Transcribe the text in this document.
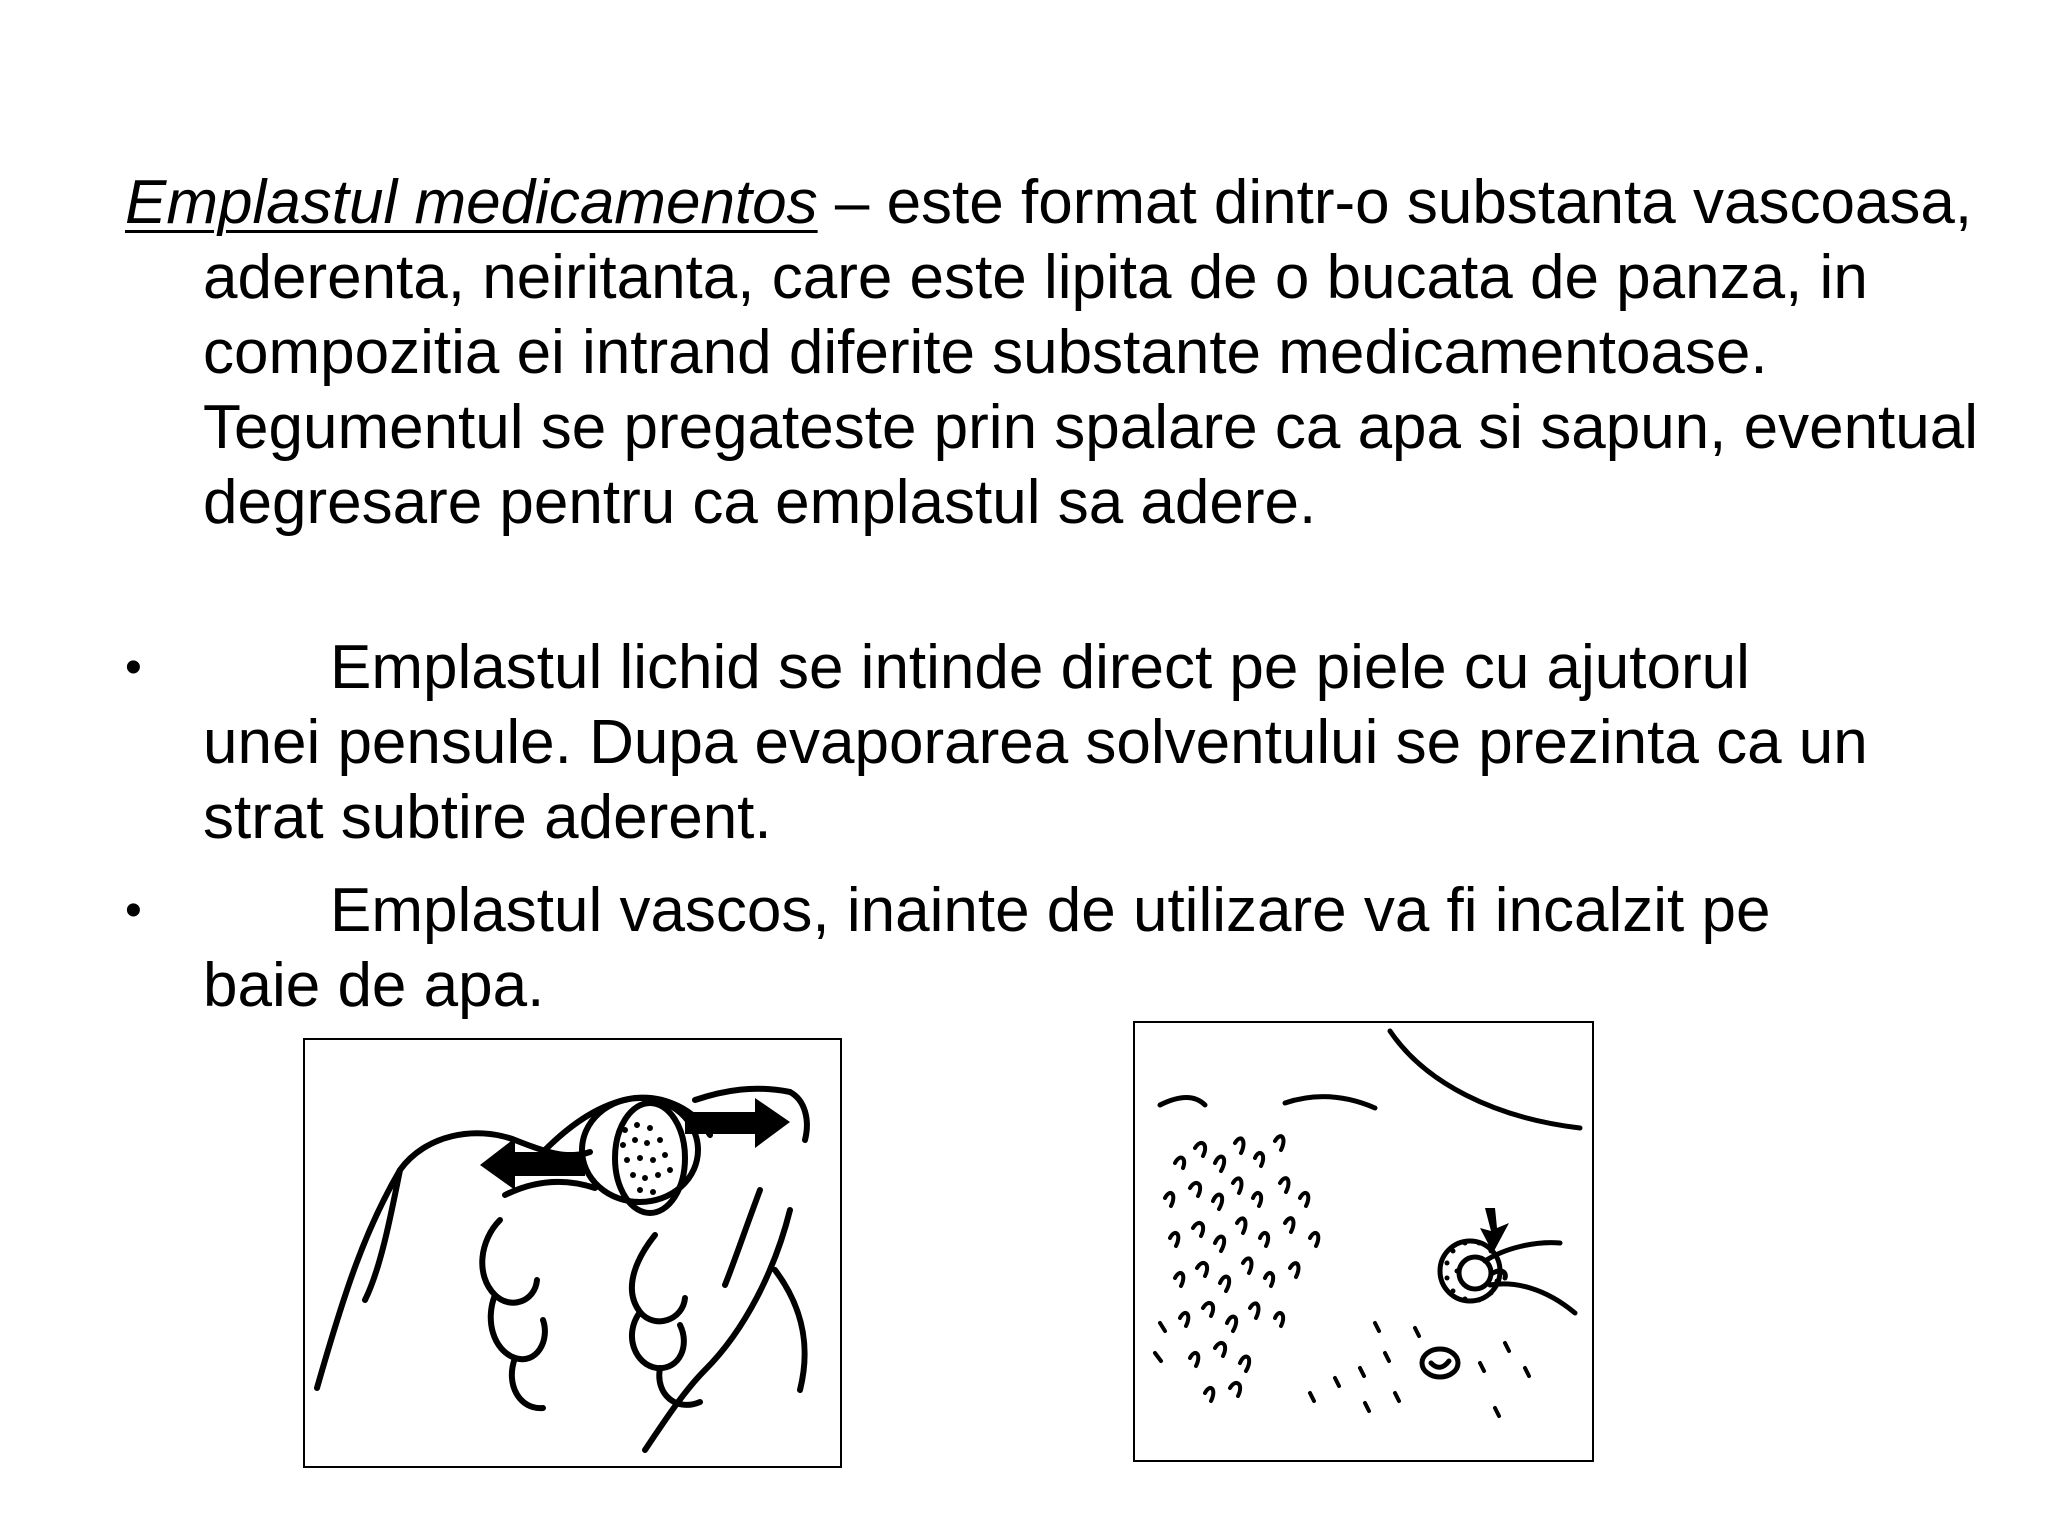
Emplastul medicamentos – este format dintr-o substanta vascoasa, aderenta, neiritanta, care este lipita de o bucata de panza, in compozitia ei intrand diferite substante medicamentoase. Tegumentul se pregateste prin spalare ca apa si sapun, eventual degresare pentru ca emplastul sa adere.

•	Emplastul lichid se intinde direct pe piele cu ajutorul
unei pensule. Dupa evaporarea solventului se prezinta ca un strat subtire aderent.
•	Emplastul vascos, inainte de utilizare va fi incalzit pe
baie de apa.
